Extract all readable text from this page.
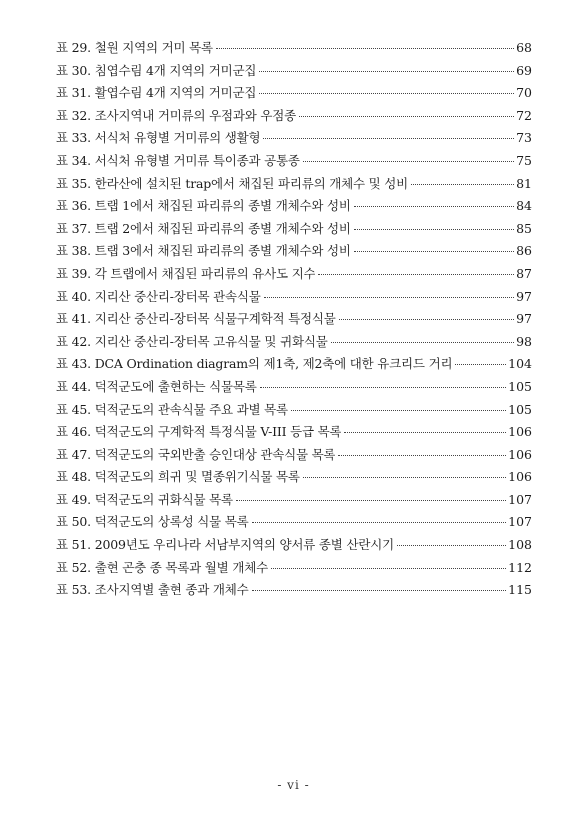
표 29. 철원 지역의 거미 목록	68
표 30. 침엽수림 4개 지역의 거미군집	69
표 31. 활엽수림 4개 지역의 거미군집	70
표 32. 조사지역내 거미류의 우점과와 우점종	72
표 33. 서식처 유형별 거미류의 생활형	73
표 34. 서식처 유형별 거미류 특이종과 공통종	75
표 35. 한라산에 설치된 trap에서 채집된 파리류의 개체수 및 성비	81
표 36. 트랩 1에서 채집된 파리류의 종별 개체수와 성비	84
표 37. 트랩 2에서 채집된 파리류의 종별 개체수와 성비	85
표 38. 트랩 3에서 채집된 파리류의 종별 개체수와 성비	86
표 39. 각 트랩에서 채집된 파리류의 유사도 지수	87
표 40. 지리산 중산리-장터목 관속식물	97
표 41. 지리산 중산리-장터목 식물구계학적 특정식물	97
표 42. 지리산 중산리-장터목 고유식물 및 귀화식물	98
표 43. DCA Ordination diagram의 제1축, 제2축에 대한 유크리드 거리	104
표 44. 덕적군도에 출현하는 식물목록	105
표 45. 덕적군도의 관속식물 주요 과별 목록	105
표 46. 덕적군도의 구계학적 특정식물 V-III 등급 목록	106
표 47. 덕적군도의 국외반출 승인대상 관속식물 목록	106
표 48. 덕적군도의 희귀 및 멸종위기식물 목록	106
표 49. 덕적군도의 귀화식물 목록	107
표 50. 덕적군도의 상록성 식물 목록	107
표 51. 2009년도 우리나라 서남부지역의 양서류 종별 산란시기	108
표 52. 출현 곤충 종 목록과 월별 개체수	112
표 53. 조사지역별 출현 종과 개체수	115
- vi -
